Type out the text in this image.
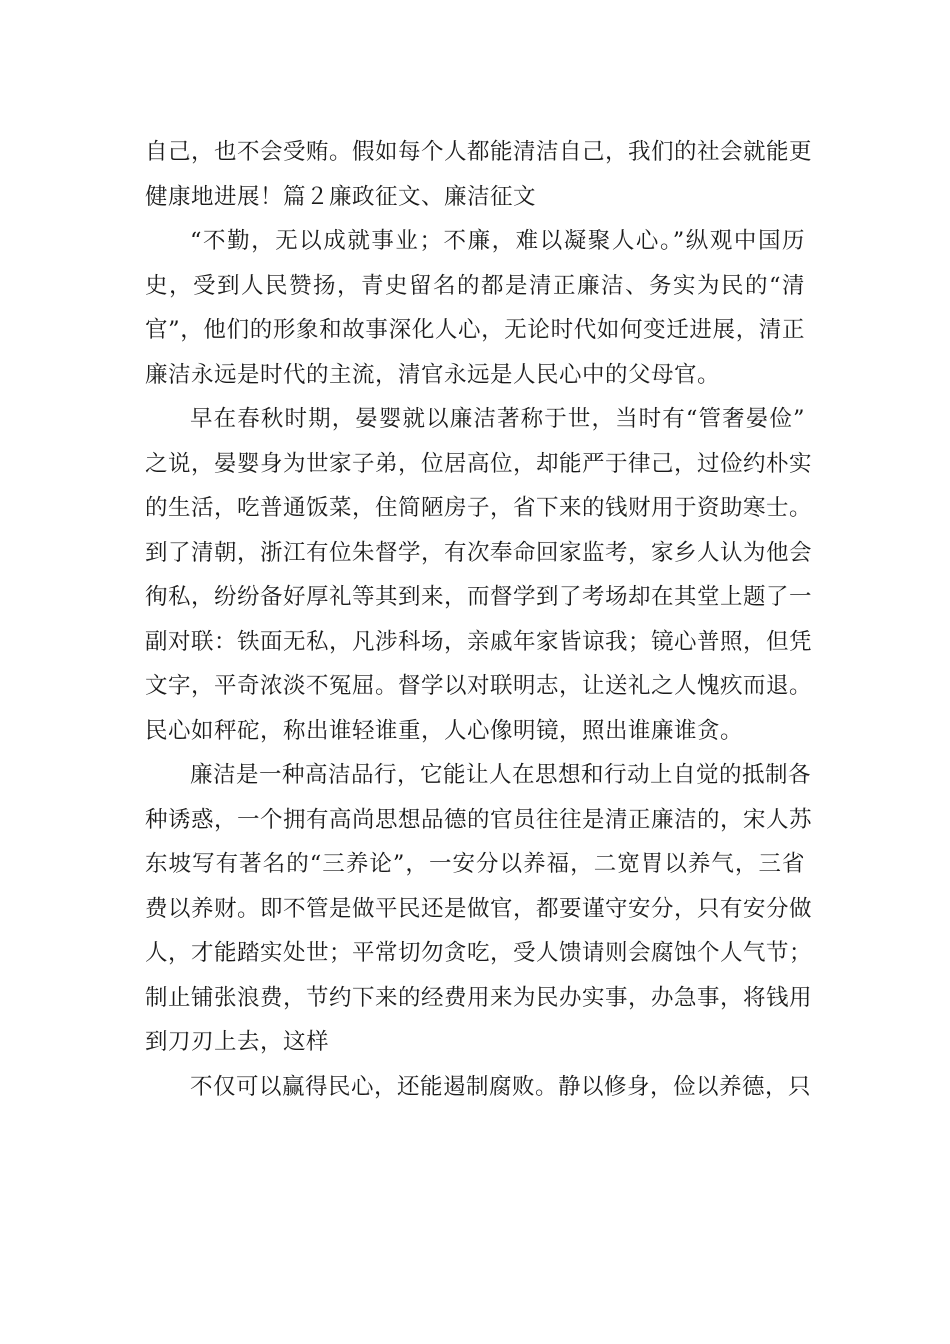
自己，也不会受贿。假如每个人都能清洁自己，我们的社会就能更
健康地进展！篇２廉政征文、廉洁征文

“不勤，无以成就事业；不廉，难以凝聚人心。”纵观中国历
史，受到人民赞扬，青史留名的都是清正廉洁、务实为民的“清
官”，他们的形象和故事深化人心，无论时代如何变迁进展，清正
廉洁永远是时代的主流，清官永远是人民心中的父母官。

早在春秋时期，晏婴就以廉洁著称于世，当时有“管奢晏俭”
之说，晏婴身为世家子弟，位居高位，却能严于律己，过俭约朴实
的生活，吃普通饭菜，住简陋房子，省下来的钱财用于资助寒士。
到了清朝，浙江有位朱督学，有次奉命回家监考，家乡人认为他会
徇私，纷纷备好厚礼等其到来，而督学到了考场却在其堂上题了一
副对联：铁面无私，凡涉科场，亲戚年家皆谅我；镜心普照，但凭
文字，平奇浓淡不冤屈。督学以对联明志，让送礼之人愧疚而退。
民心如秤砣，称出谁轻谁重，人心像明镜，照出谁廉谁贪。

廉洁是一种高洁品行，它能让人在思想和行动上自觉的抵制各
种诱惑，一个拥有高尚思想品德的官员往往是清正廉洁的，宋人苏
东坡写有著名的“三养论”，一安分以养福，二宽胃以养气，三省
费以养财。即不管是做平民还是做官，都要谨守安分，只有安分做
人，才能踏实处世；平常切勿贪吃，受人馈请则会腐蚀个人气节；
制止铺张浪费，节约下来的经费用来为民办实事，办急事，将钱用
到刀刃上去，这样

不仅可以赢得民心，还能遏制腐败。静以修身，俭以养德，只
